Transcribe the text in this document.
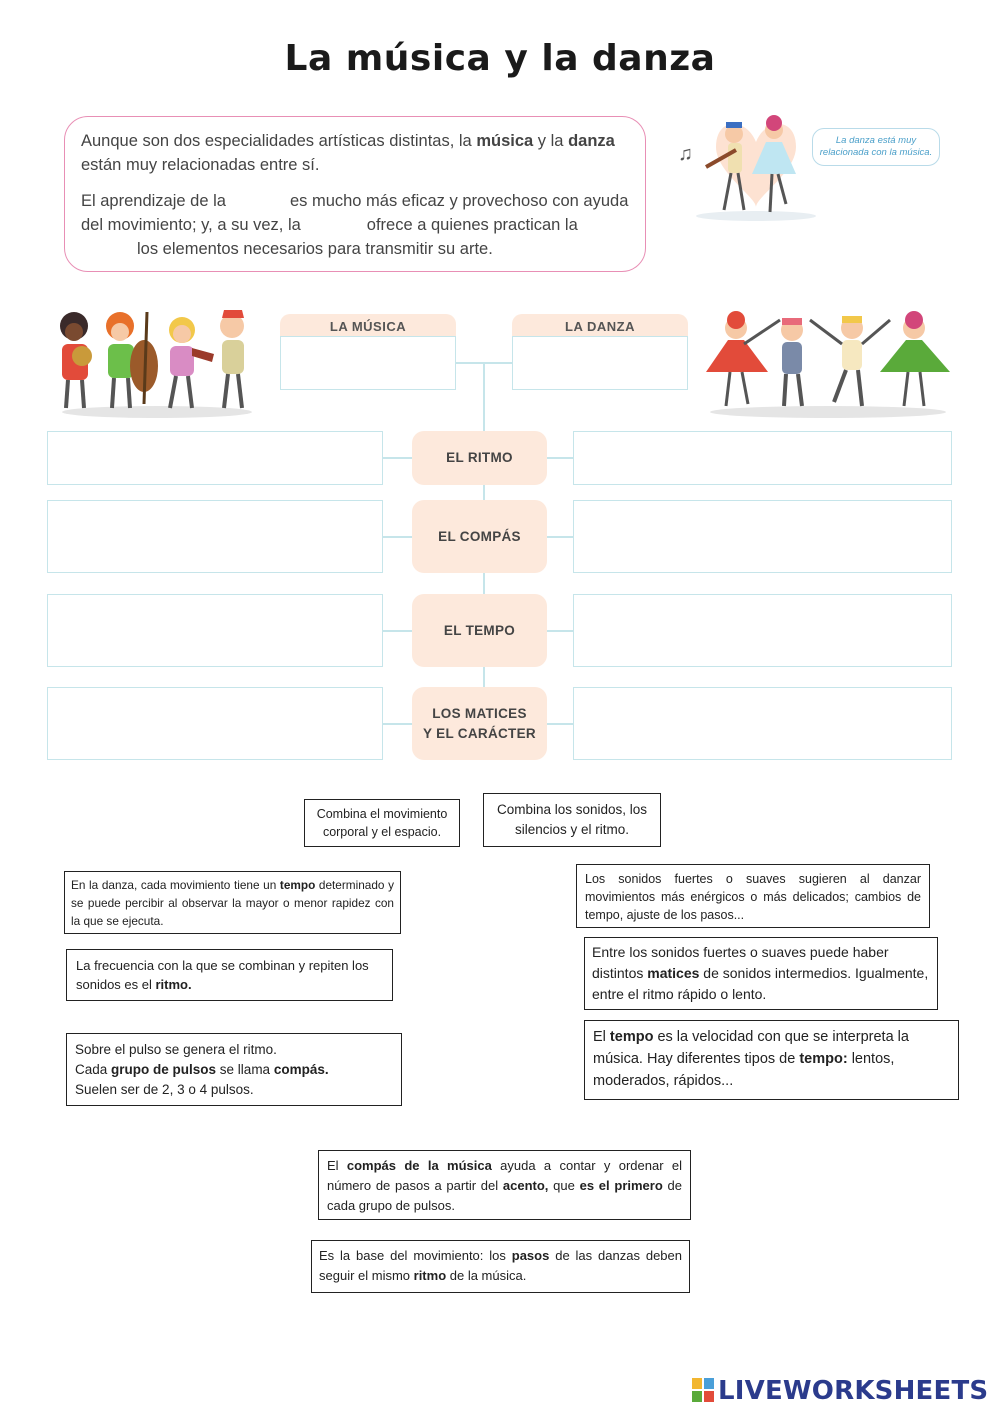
La música y la danza

Aunque son dos especialidades artísticas distintas, la música y la danza están muy relacionadas entre sí.

El aprendizaje de la	es mucho más eficaz y provechoso con ayuda del movimiento; y, a su vez, la	ofrece a quienes practican lalos elementos necesarios para transmitir su arte.

♫
La danza está muy relacionada con la música.
LA MÚSICA	LA DANZA
EL RITMO
EL COMPÁS
EL TEMPO
LOS MATICES
Y EL CARÁCTER
Combina el movimiento corporal y el espacio.
Combina los sonidos, los silencios y el ritmo.
En la danza, cada movimiento tiene un tempo determinado y se puede percibir al observar la mayor o menor rapidez con la que se ejecuta.
Los sonidos fuertes o suaves sugieren al danzar movimientos más enérgicos o más delicados; cambios de tempo, ajuste de los pasos...
Entre los sonidos fuertes o suaves puede haber distintos matices de sonidos intermedios. Igualmente, entre el ritmo rápido o lento.
La frecuencia con la que se combinan y repiten los sonidos es el ritmo.
El tempo es la velocidad con que se interpreta la música. Hay diferentes tipos de tempo: lentos, moderados, rápidos...
Sobre el pulso se genera el ritmo.
Cada grupo de pulsos se llama compás.
Suelen ser de 2, 3 o 4 pulsos.
El compás de la música ayuda a contar y ordenar el número de pasos a partir del acento, que es el primero de cada grupo de pulsos.
Es la base del movimiento: los pasos de las danzas deben seguir el mismo ritmo de la música.
LIVEWORKSHEETS
